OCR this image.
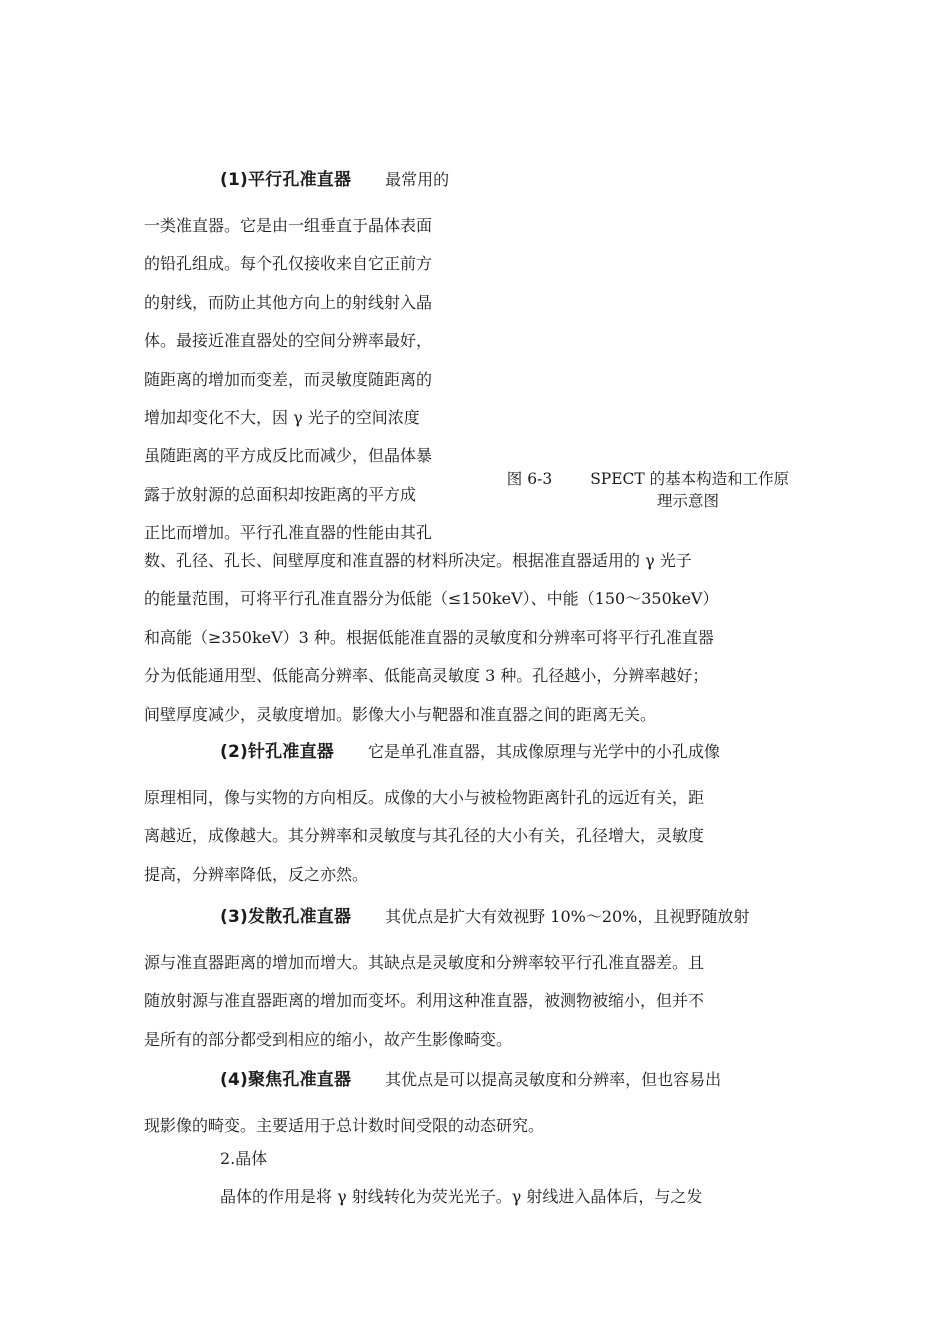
(1)平行孔准直器 最常用的

一类准直器。它是由一组垂直于晶体表面

的铅孔组成。每个孔仅接收来自它正前方

的射线，而防止其他方向上的射线射入晶

体。最接近准直器处的空间分辨率最好，

随距离的增加而变差，而灵敏度随距离的

增加却变化不大，因 γ 光子的空间浓度

虽随距离的平方成反比而减少，但晶体暴

露于放射源的总面积却按距离的平方成

正比而增加。平行孔准直器的性能由其孔

图 6-3 SPECT 的基本构造和工作原
理示意图

数、孔径、孔长、间壁厚度和准直器的材料所决定。根据准直器适用的 γ 光子

的能量范围，可将平行孔准直器分为低能（≤150keV）、中能（150～350keV）

和高能（≥350keV）3 种。根据低能准直器的灵敏度和分辨率可将平行孔准直器

分为低能通用型、低能高分辨率、低能高灵敏度 3 种。孔径越小，分辨率越好；

间壁厚度减少，灵敏度增加。影像大小与靶器和准直器之间的距离无关。

(2)针孔准直器 它是单孔准直器，其成像原理与光学中的小孔成像

原理相同，像与实物的方向相反。成像的大小与被检物距离针孔的远近有关，距

离越近，成像越大。其分辨率和灵敏度与其孔径的大小有关，孔径增大，灵敏度

提高，分辨率降低，反之亦然。

(3)发散孔准直器 其优点是扩大有效视野 10%～20%，且视野随放射

源与准直器距离的增加而增大。其缺点是灵敏度和分辨率较平行孔准直器差。且

随放射源与准直器距离的增加而变坏。利用这种准直器，被测物被缩小，但并不

是所有的部分都受到相应的缩小，故产生影像畸变。

(4)聚焦孔准直器 其优点是可以提高灵敏度和分辨率，但也容易出

现影像的畸变。主要适用于总计数时间受限的动态研究。

2.晶体

晶体的作用是将 γ 射线转化为荧光光子。γ 射线进入晶体后，与之发
